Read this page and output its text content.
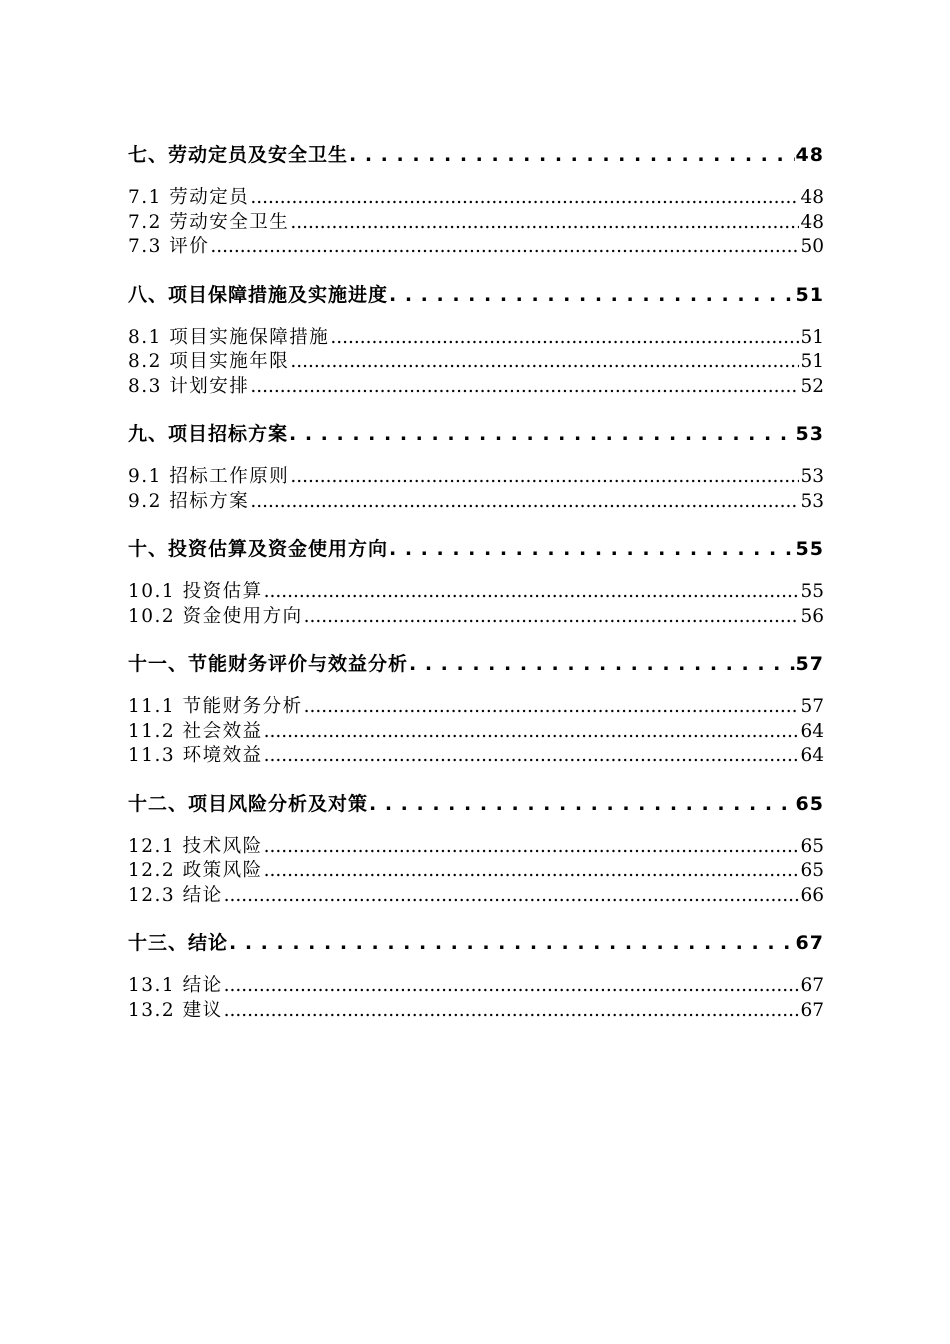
七、劳动定员及安全卫生 . . .	48
7.1 劳动定员 .....	48
7.2 劳动安全卫生 .....	48
7.3 评价 .....	50
八、项目保障措施及实施进度 . . .	51
8.1 项目实施保障措施 .....	51
8.2 项目实施年限 .....	51
8.3 计划安排 .....	52
九、项目招标方案 . . .	53
9.1 招标工作原则 .....	53
9.2 招标方案 .....	53
十、投资估算及资金使用方向 . . .	55
10.1 投资估算 .....	55
10.2 资金使用方向 .....	56
十一、节能财务评价与效益分析 . . .	57
11.1 节能财务分析 .....	57
11.2 社会效益 .....	64
11.3 环境效益 .....	64
十二、项目风险分析及对策 . . .	65
12.1 技术风险 .....	65
12.2 政策风险 .....	65
12.3 结论 .....	66
十三、结论 . . .	67
13.1 结论 .....	67
13.2 建议 .....	67
